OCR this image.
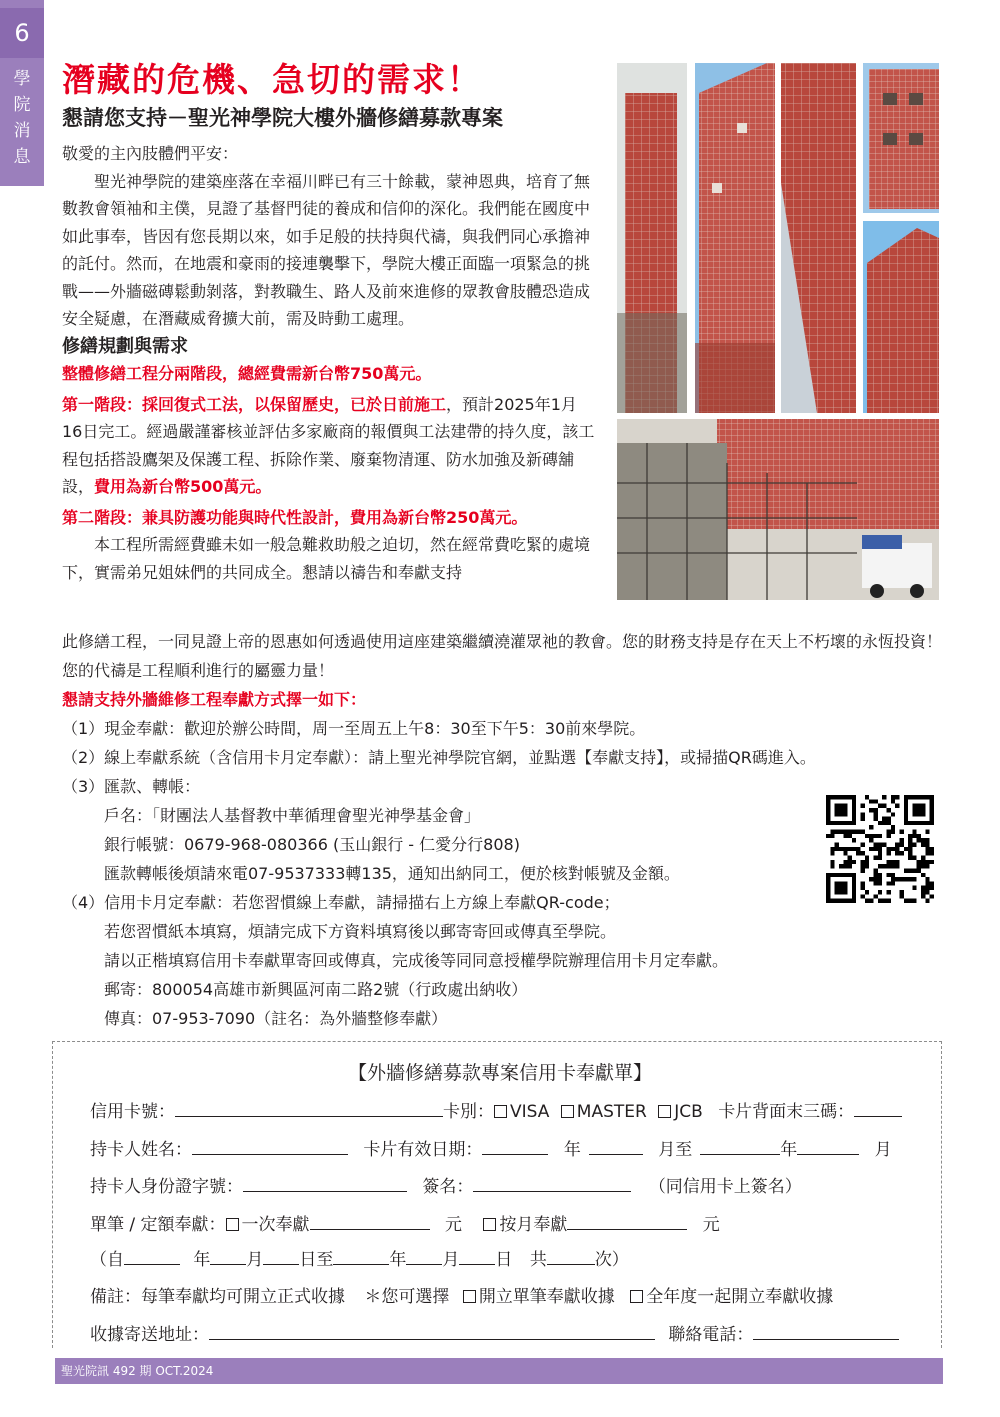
6
學
院
消
息
潛藏的危機、急切的需求！
懇請您支持－聖光神學院大樓外牆修繕募款專案

敬愛的主內肢體們平安：

聖光神學院的建築座落在幸福川畔已有三十餘載，蒙神恩典，培育了無數教會領袖和主僕，見證了基督門徒的養成和信仰的深化。我們能在國度中如此事奉，皆因有您長期以來，如手足般的扶持與代禱，與我們同心承擔神的託付。然而，在地震和豪雨的接連襲擊下，學院大樓正面臨一項緊急的挑戰——外牆磁磚鬆動剝落，對教職生、路人及前來進修的眾教會肢體恐造成安全疑慮，在潛藏威脅擴大前，需及時動工處理。

修繕規劃與需求

整體修繕工程分兩階段，總經費需新台幣750萬元。

第一階段：採回復式工法，以保留歷史，已於日前施工，預計2025年1月16日完工。經過嚴謹審核並評估多家廠商的報價與工法建帶的持久度，該工程包括搭設鷹架及保護工程、拆除作業、廢棄物清運、防水加強及新磚舖設，費用為新台幣500萬元。

第二階段：兼具防護功能與時代性設計，費用為新台幣250萬元。

本工程所需經費雖未如一般急難救助般之迫切，然在經常費吃緊的處境下，實需弟兄姐妹們的共同成全。懇請以禱告和奉獻支持

此修繕工程，一同見證上帝的恩惠如何透過使用這座建築繼續澆灌眾祂的教會。您的財務支持是存在天上不朽壞的永恆投資！您的代禱是工程順利進行的屬靈力量！

懇請支持外牆維修工程奉獻方式擇一如下：

（1）現金奉獻：歡迎於辦公時間，周一至周五上午8：30至下午5：30前來學院。

（2）線上奉獻系統（含信用卡月定奉獻）：請上聖光神學院官網，並點選【奉獻支持】，或掃描QR碼進入。

（3）匯款、轉帳：

戶名：「財團法人基督教中華循理會聖光神學基金會」

銀行帳號：0679-968-080366 (玉山銀行 - 仁愛分行808)

匯款轉帳後煩請來電07-9537333轉135，通知出納同工，便於核對帳號及金額。

（4）信用卡月定奉獻：若您習慣線上奉獻，請掃描右上方線上奉獻QR-code；

若您習慣紙本填寫，煩請完成下方資料填寫後以郵寄寄回或傳真至學院。

請以正楷填寫信用卡奉獻單寄回或傳真，完成後等同同意授權學院辦理信用卡月定奉獻。

郵寄：800054高雄市新興區河南二路2號（行政處出納收）

傳真：07-953-7090（註名：為外牆整修奉獻）

【外牆修繕募款專案信用卡奉獻單】
信用卡號：	卡別： VISA MASTER JCB 卡片背面末三碼：
持卡人姓名：	卡片有效日期：	年	月至	年	月
持卡人身份證字號：	簽名：	（同信用卡上簽名）
單筆 / 定額奉獻： 一次奉獻	元 按月奉獻	元
（自	年 月 日至	年 月 日 共	次）
備註：每筆奉獻均可開立正式收據 ＊您可選擇 開立單筆奉獻收據 全年度一起開立奉獻收據
收據寄送地址：	聯絡電話：
聖光院訊 492 期 OCT.2024
